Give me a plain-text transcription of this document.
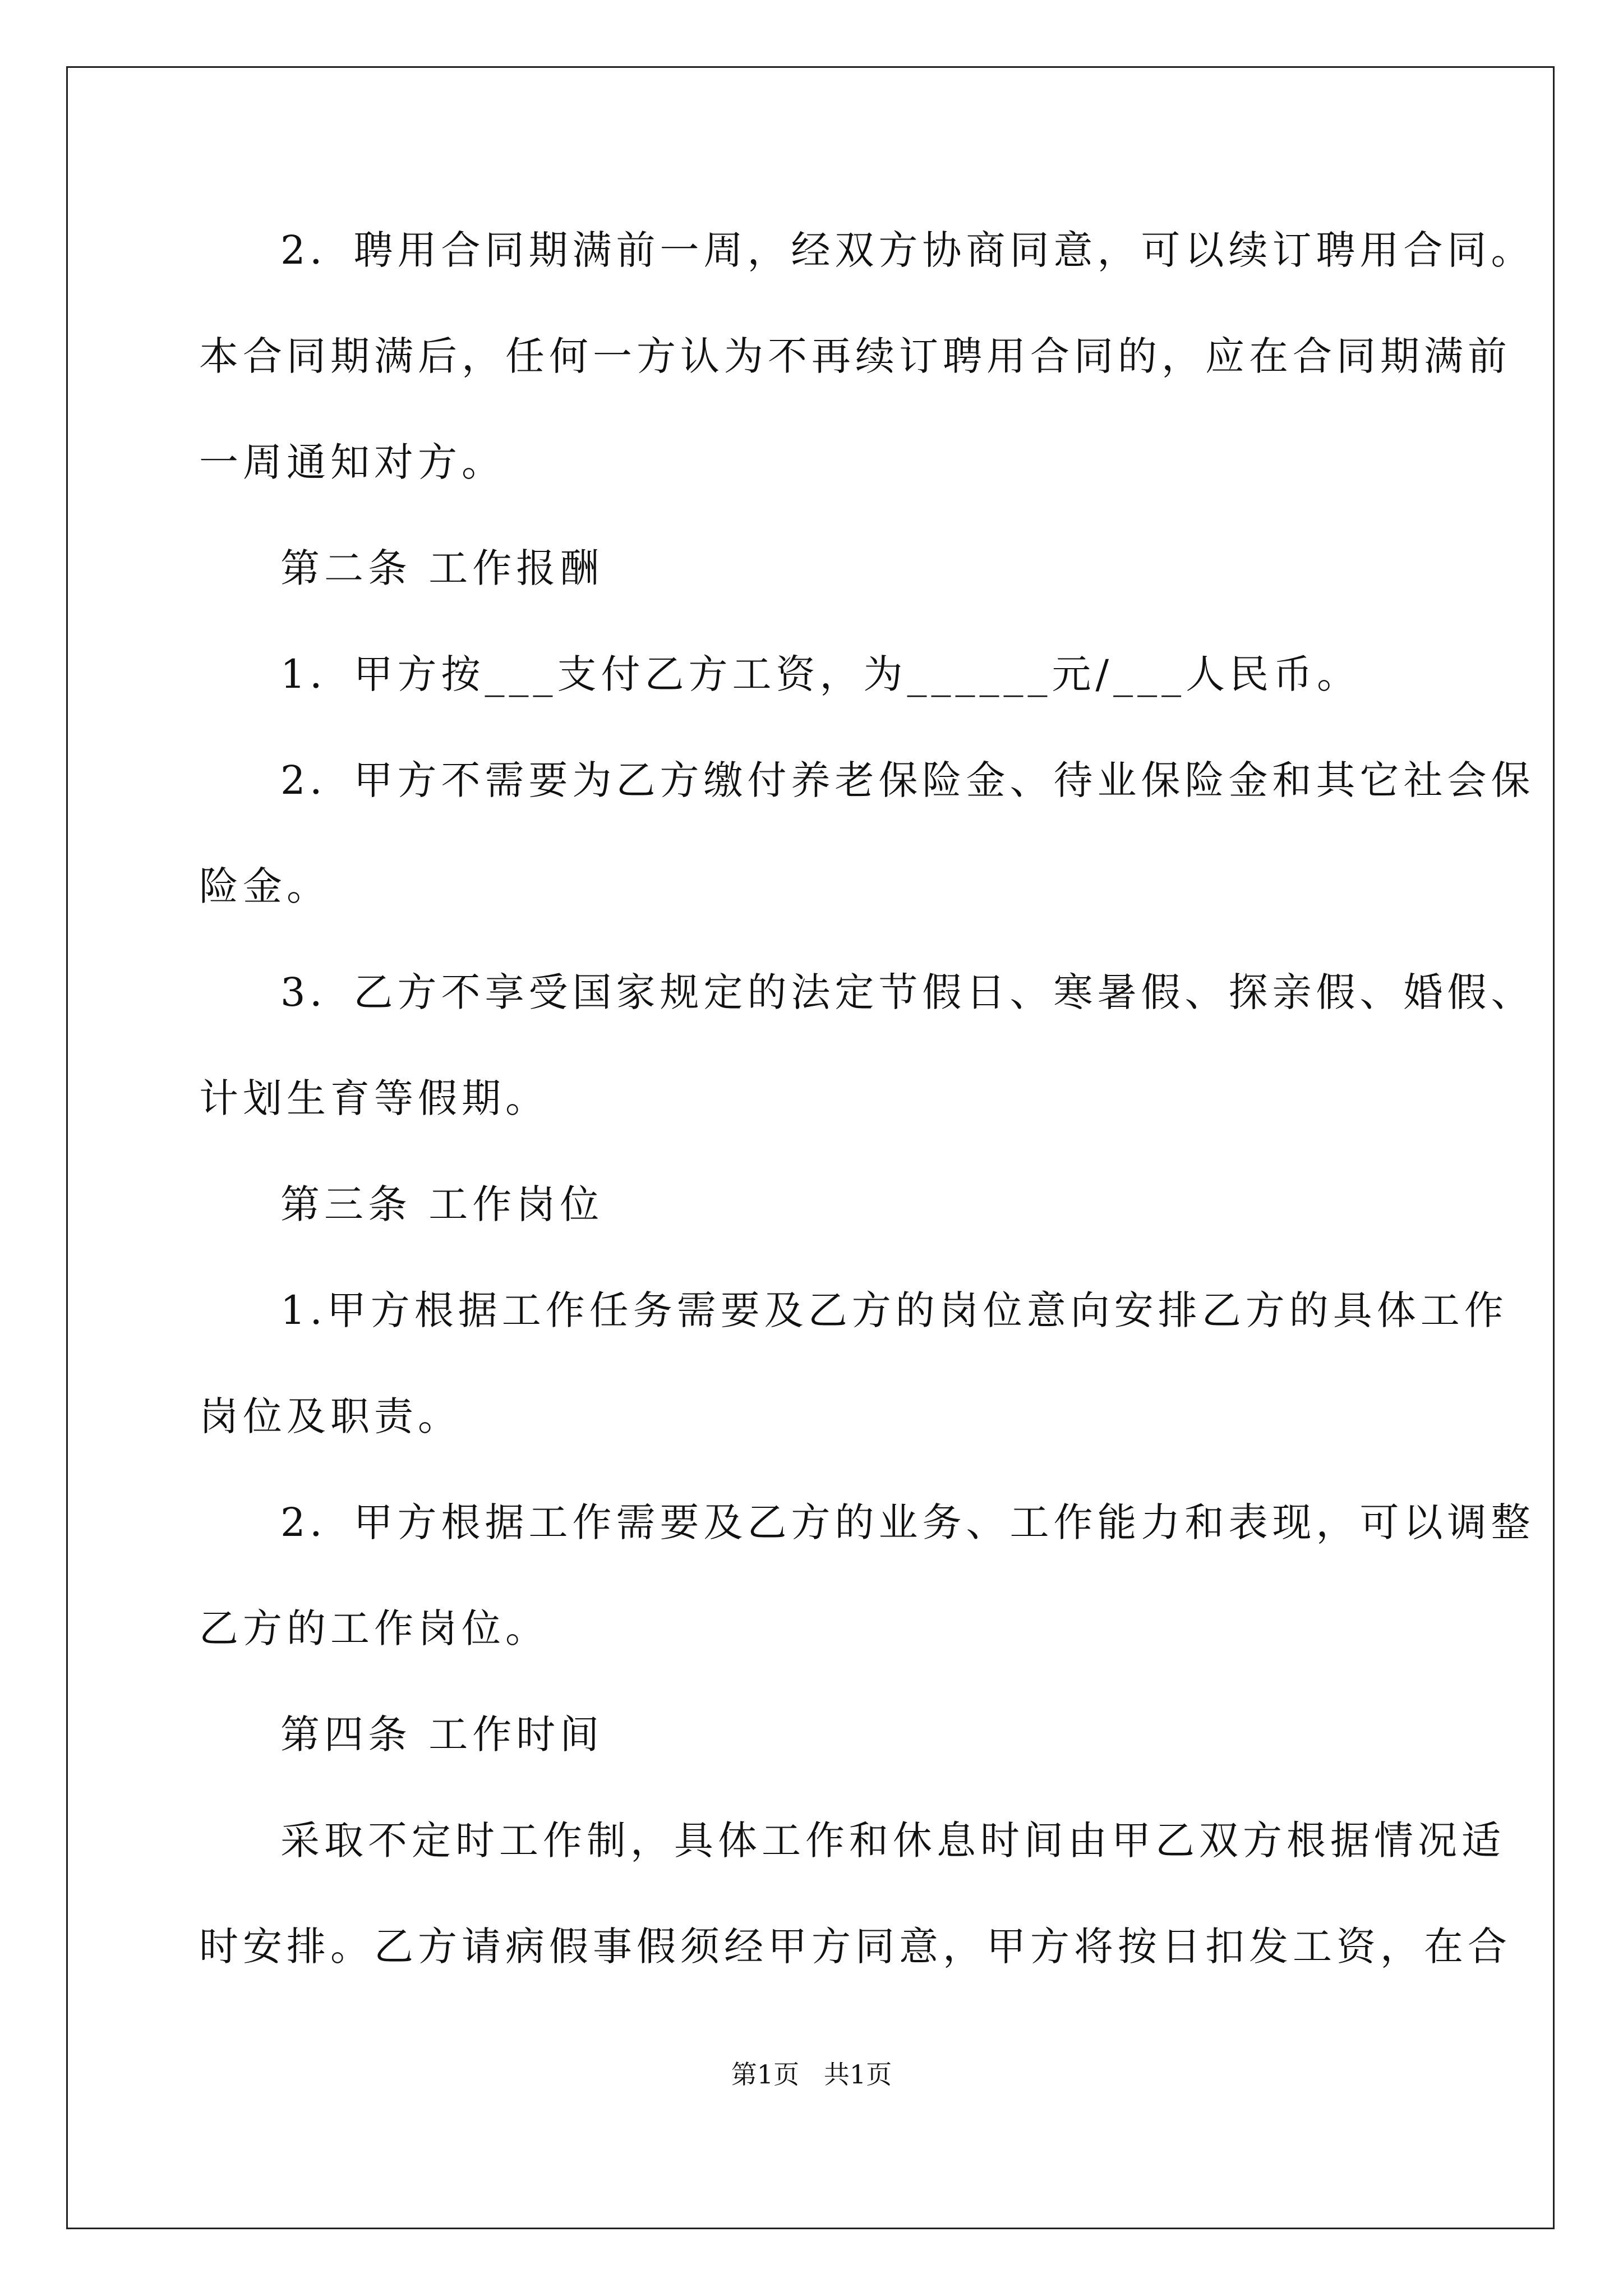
2．聘用合同期满前一周，经双方协商同意，可以续订聘用合同。
本合同期满后，任何一方认为不再续订聘用合同的，应在合同期满前
一周通知对方。
第二条 工作报酬
1．甲方按___支付乙方工资，为______元/___人民币。
2．甲方不需要为乙方缴付养老保险金、待业保险金和其它社会保
险金。
3．乙方不享受国家规定的法定节假日、寒暑假、探亲假、婚假、
计划生育等假期。
第三条 工作岗位
1.甲方根据工作任务需要及乙方的岗位意向安排乙方的具体工作
岗位及职责。
2．甲方根据工作需要及乙方的业务、工作能力和表现，可以调整
乙方的工作岗位。
第四条 工作时间
采取不定时工作制，具体工作和休息时间由甲乙双方根据情况适
时安排。乙方请病假事假须经甲方同意，甲方将按日扣发工资，在合
第1页   共1页
